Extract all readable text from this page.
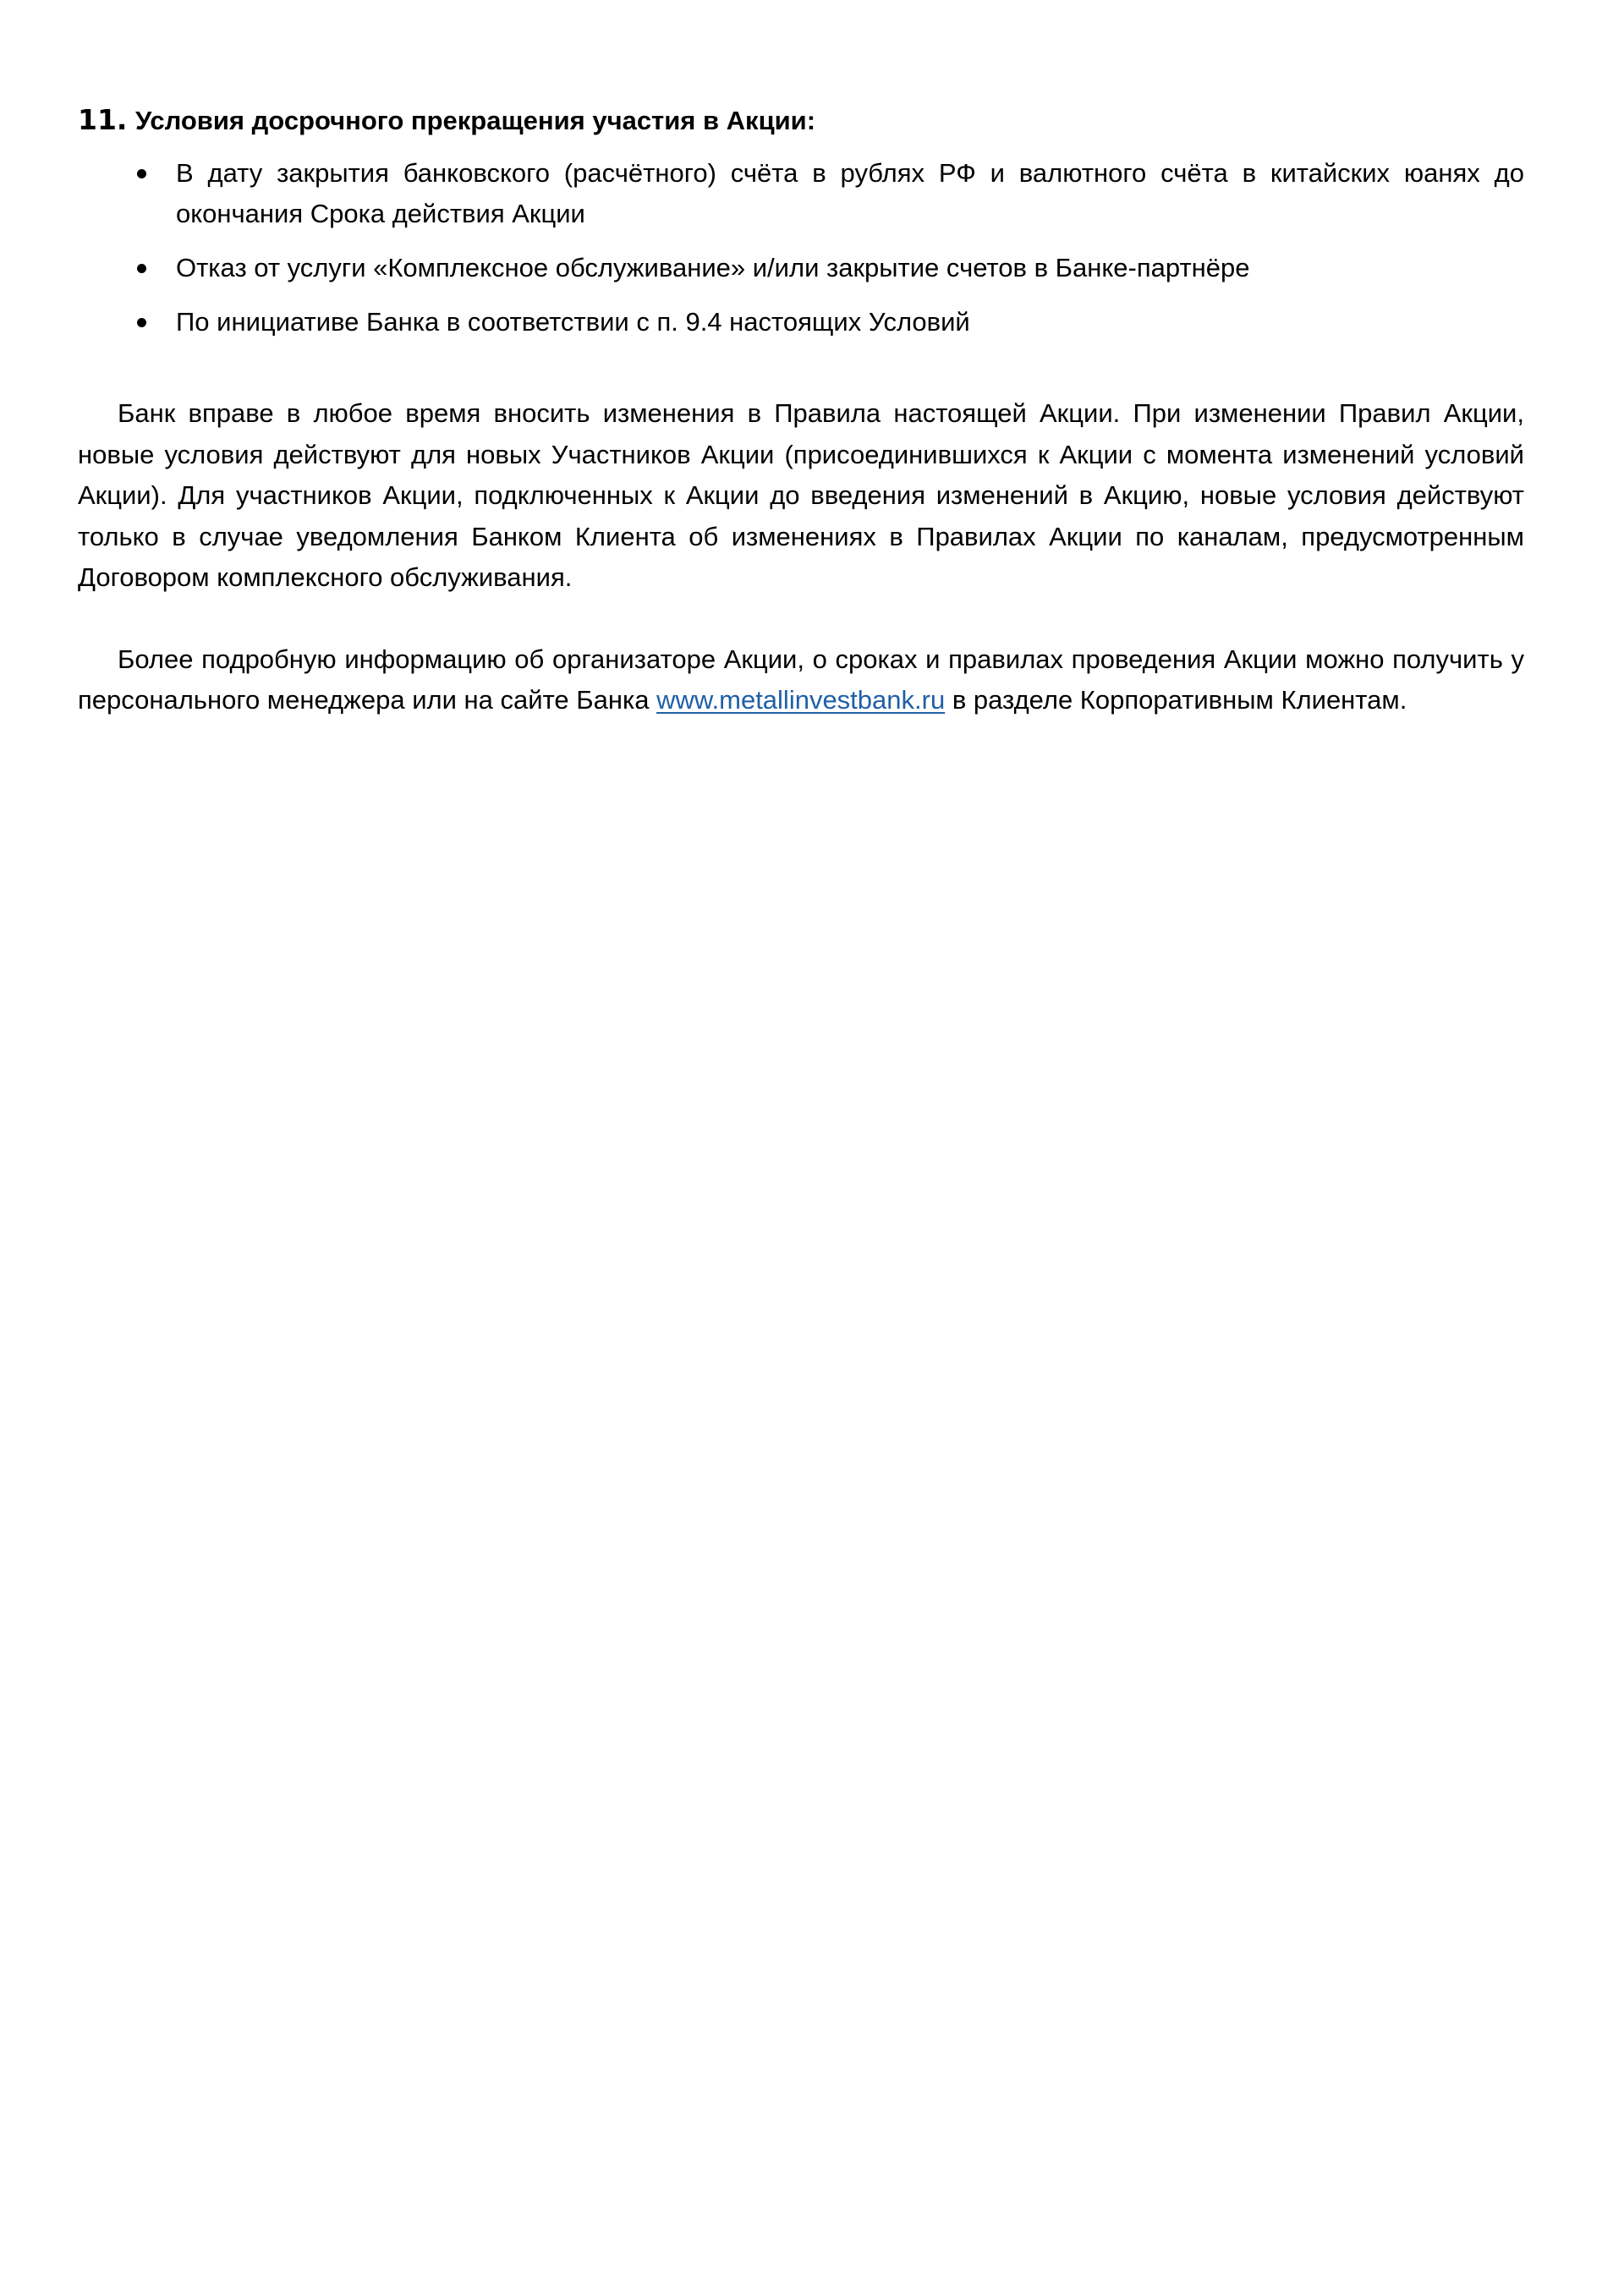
11. Условия досрочного прекращения участия в Акции:
В дату закрытия банковского (расчётного) счёта в рублях РФ и валютного счёта в китайских юанях до окончания Срока действия Акции
Отказ от услуги «Комплексное обслуживание» и/или закрытие счетов в Банке-партнёре
По инициативе Банка в соответствии с п. 9.4 настоящих Условий

Банк вправе в любое время вносить изменения в Правила настоящей Акции. При изменении Правил Акции, новые условия действуют для новых Участников Акции (присоединившихся к Акции с момента изменений условий Акции). Для участников Акции, подключенных к Акции до введения изменений в Акцию, новые условия действуют только в случае уведомления Банком Клиента об изменениях в Правилах Акции по каналам, предусмотренным Договором комплексного обслуживания.

Более подробную информацию об организаторе Акции, о сроках и правилах проведения Акции можно получить у персонального менеджера или на сайте Банка www.metallinvestbank.ru в разделе Корпоративным Клиентам.
